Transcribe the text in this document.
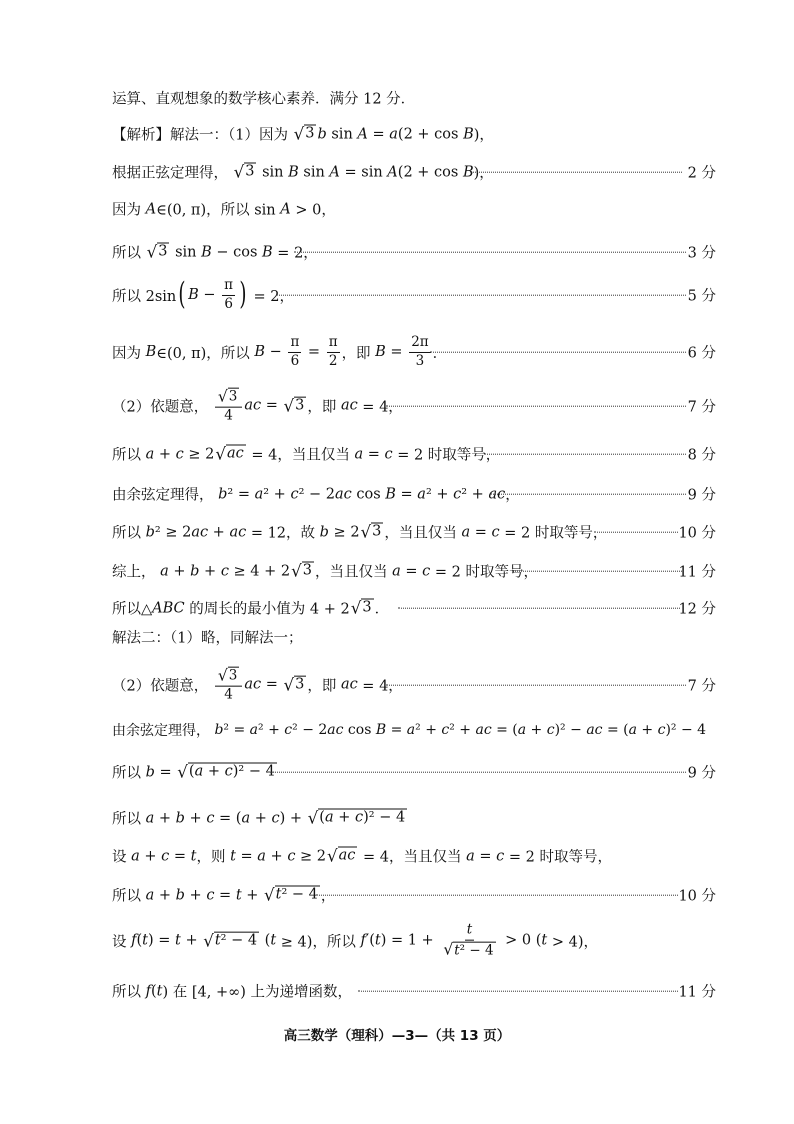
运算、直观想象的数学核心素养．满分 12 分．
【解析】解法一：（1）因为 √ 3 b sin A = a (2 + cos B )，
根据正弦定理得， √ 3 sin B sin A = sin A (2 + cos B )，	2 分
因为 A ∈(0, π)，所以 sin A > 0，
所以 √ 3 sin B − cos B = 2，	3 分
所以 2sin ( $B - \frac{\pi}{6}$ ) = 2，	5 分
因为 B ∈(0, π)，所以 $B - \frac{\pi}{6} = \frac{\pi}{2}$ ，即 $B = \frac{2\pi}{3}$ ．	6 分
（2）依题意， $\frac{√ 3}{4}$ ac = √ 3 ，即 ac = 4，	7 分
所以 a + c ≥ 2 √ ac = 4，当且仅当 a = c = 2 时取等号，	8 分
由余弦定理得， b ² = a ² + c ² − 2 ac cos B = a ² + c ² + ac ，	9 分
所以 b ² ≥ 2 ac + ac = 12，故 b ≥ 2 √ 3 ，当且仅当 a = c = 2 时取等号，	10 分
综上， a + b + c ≥ 4 + 2 √ 3 ，当且仅当 a = c = 2 时取等号，	11 分
所以△ ABC 的周长的最小值为 4 + 2 √ 3 ．	12 分
解法二：（1）略，同解法一；
（2）依题意， $\frac{√ 3}{4}$ ac = √ 3 ，即 ac = 4，	7 分
由余弦定理得， b ² = a ² + c ² − 2 ac cos B = a ² + c ² + ac = ( a + c )² − ac = ( a + c )² − 4
所以 b = √ (a + c)² − 4	9 分
所以 a + b + c = ( a + c ) + √ (a + c)² − 4
设 a + c = t ，则 t = a + c ≥ 2 √ ac = 4，当且仅当 a = c = 2 时取等号，
所以 a + b + c = t + √ t² − 4 ，	10 分
设 f ( t ) = t + √ t² − 4 ( t ≥ 4)，所以 f ′( t ) = $1 + \frac{t}{\text{√ t² − 4}} > 0$ ( t > 4)，
所以 f ( t ) 在 [4, +∞) 上为递增函数，	11 分
高三数学（理科）—3—（共 13 页）
